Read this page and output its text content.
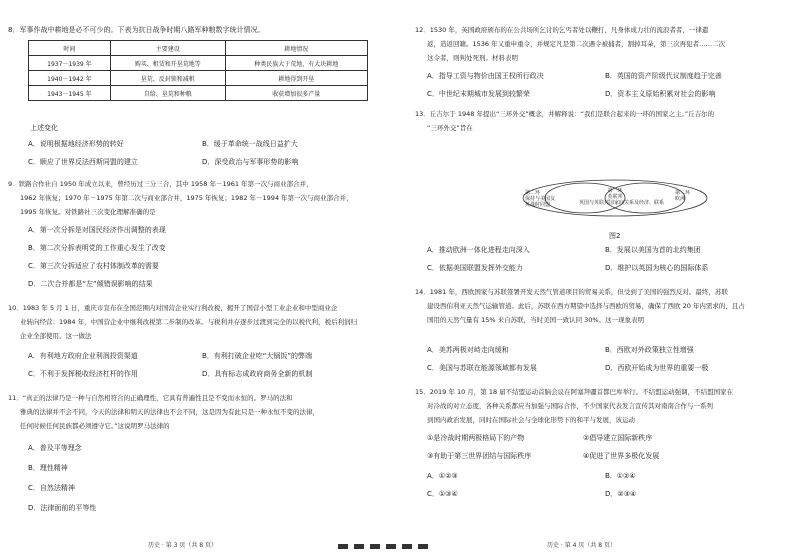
8．军事作战中耕地是必不可少的。下表为抗日战争时期八路军种粮数字统计情况。
时间	主要建设	耕地情况
1937－1939 年	购买、租赁和开垦荒地等	种类民族大于荒地，有大块耕地
1940－1942 年	垦荒、反封锁和减租	耕地得到开垦
1943－1945 年	自给、垦荒和种粮	收获增加很多产量
上述变化
A．说明根据地经济形势的转好	B．缓于革命统一战线日益扩大
C．顺应了世界反法西斯同盟的建立	D．深受政治与军事形势的影响
9．铁路合作社自 1950 年成立以来，曾经历过三分三合，其中 1958 年－1961 年第一次与商业部合并，
1962 年恢复；1970 年－1975 年第二次与商业部合并，1975 年恢复；1982 年－1994 年第一次与商业部合并，
1995 年恢复。对铁路社三次变化理解准确的是
A．第一次分拆是对国民经济作出调整的表现
B．第二次分拆表明党的工作重心发生了改变
C．第三次分拆适应了农村体制改革的需要
D．二次合并都是“左”倾错误影响的结果
10．1983 年 5 月 1 日，重庆市宣布在全国范围内对国营企业实行利改税，揭开了国营小型工业企业和中型商业企
业转向经营：1984 年，中国营企业中继利改税第二步制的改革。与税利并存逐步过渡到完全的以税代利，税后利润归
企业全部使用。这一做法
A．有利地方政府企业利润投资渠道	B．有利打破企业吃“大锅饭”的弊端
C．不利于发挥税收经济杠杆的作用	D．具有标志成政府商务全新的机制
11．“真正的法律乃是一种与自然相符合的正确理性，它具有普遍性且是不变而永恒的。罗马的法和
雅典的法律并不会不同，今天的法律和明天的法律也不会不同，这是因为有此只是一种永恒不变的法律，
任何时候任何民族都必须遵守它。”这说明罗马法律的
A．普及平等理念
B．理性精神
C．自然法精神
D．法律面前的平等性
历史 · 第 3 页（共 8 页）
12．1530 年，英国政府颁布的在公共场所乞讨的乞丐者处以鞭打，凡身体成力壮的流浪者者，一律遣
返，造返回籍。1536 年又重申重令，并规定凡是第二次遇令被捕者，割掉耳朵，第三次再犯者……二次
这令者，则判处死刑。材料表明
A．指导工资与物价由国王权所行政决	B．英国的资产阶级代议制度趋于完善
C．中世纪末期城市发展到较繁荣	D．资本主义原始积累对社会的影响
13．丘吉尔于 1948 年提出“三环外交”概念，并解释说：“我们是联合起来的一环的国家之主。”丘吉尔的
“三环外交”旨在
第二环
保持与美国友
英战时同盟
第一环
英联邦
英国与英联邦国家间关系及经济、联系
第三环
欧洲
图2
A．推动欧洲一体化进程走向深入	B．发展以美国为首的北约集团
C．依据美国联盟发挥外交能力	D．维护以英国为核心的国际体系
14．1981 年，西欧国家与苏联签署开发天然气管道项目的贸易关系，但受到了美国的强烈反对。最终，苏联
建设西伯利亚天然气运输管道。此后，苏联在西方期望中选择与西欧的贸易，确保了西欧 20 年内需求的，且占
国用的天然气量有 15% 来自苏联，当时美国一致认同 30%。这一现象表明
A．美苏两极对峙走向缓和	B．西欧对外政策独立性增强
C．美国与苏联在能源领域都有发展	D．西欧开始成为世界的重要一极
15．2019 年 10 月，第 18 届不结盟运动首脑会议在阿塞拜疆首都巴库举行。不结盟运动强调，不结盟国家在
对冷战的对立态度，各种关系都应当加强与国际合作，不少国家代表发言宣传其对南南合作与一系列
到国内政治发展，同时在国际社会与全球化形势下的和平与发展，该运动
①是冷战时期两极格局下的产物	②倡导建立国际新秩序
③有助于第三世界团结与国际秩序	④促进了世界多极化发展
A．①②③	B．①②④
C．①③④	D．②③④
历史 · 第 4 页（共 8 页）
